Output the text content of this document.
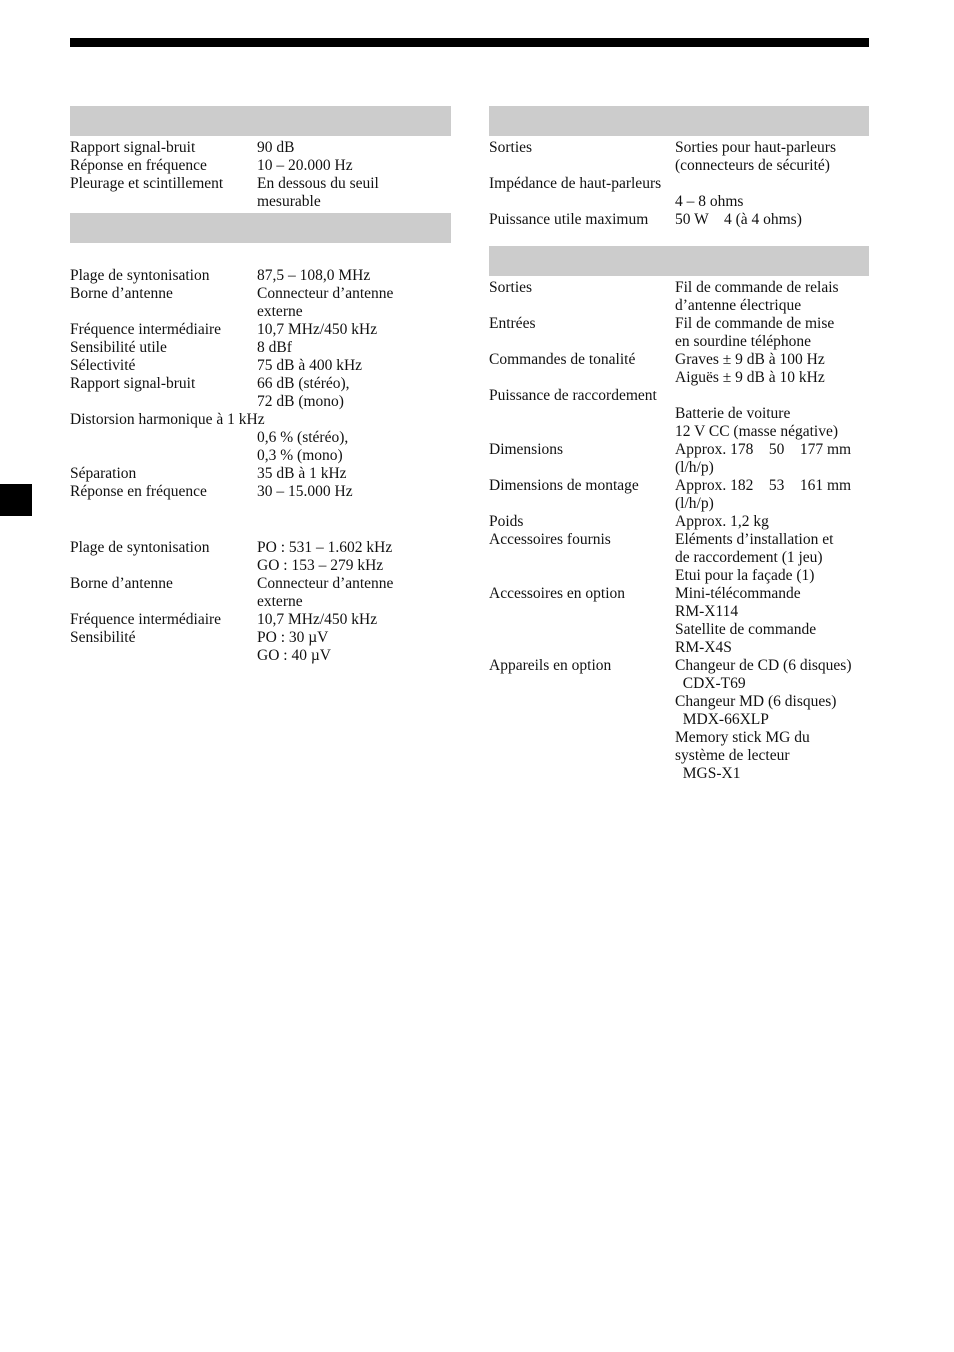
Rapport signal-bruit	90 dB
Réponse en fréquence	10 – 20.000 Hz
Pleurage et scintillement	En dessous du seuil
mesurable
Plage de syntonisation	87,5 – 108,0 MHz
Borne d’antenne	Connecteur d’antenne
externe
Fréquence intermédiaire	10,7 MHz/450 kHz
Sensibilité utile	8 dBf
Sélectivité	75 dB à 400 kHz
Rapport signal-bruit	66 dB (stéréo),
72 dB (mono)
Distorsion harmonique à 1 kHz
0,6 % (stéréo),
0,3 % (mono)
Séparation	35 dB à 1 kHz
Réponse en fréquence	30 – 15.000 Hz
Plage de syntonisation	PO : 531 – 1.602 kHz
GO : 153 – 279 kHz
Borne d’antenne	Connecteur d’antenne
externe
Fréquence intermédiaire	10,7 MHz/450 kHz
Sensibilité	PO : 30 µV
GO : 40 µV
Sorties	Sorties pour haut-parleurs
(connecteurs de sécurité)
Impédance de haut-parleurs
4 – 8 ohms
Puissance utile maximum	50 W    4 (à 4 ohms)
Sorties	Fil de commande de relais
d’antenne électrique
Entrées	Fil de commande de mise
en sourdine téléphone
Commandes de tonalité	Graves ± 9 dB à 100 Hz
Aiguës ± 9 dB à 10 kHz
Puissance de raccordement
Batterie de voiture
12 V CC (masse négative)
Dimensions	Approx. 178    50    177 mm
(l/h/p)
Dimensions de montage	Approx. 182    53    161 mm
(l/h/p)
Poids	Approx. 1,2 kg
Accessoires fournis	Eléments d’installation et
de raccordement (1 jeu)
Etui pour la façade (1)
Accessoires en option	Mini-télécommande
RM-X114
Satellite de commande
RM-X4S
Appareils en option	Changeur de CD (6 disques)
CDX-T69
Changeur MD (6 disques)
MDX-66XLP
Memory stick MG du
système de lecteur
MGS-X1
